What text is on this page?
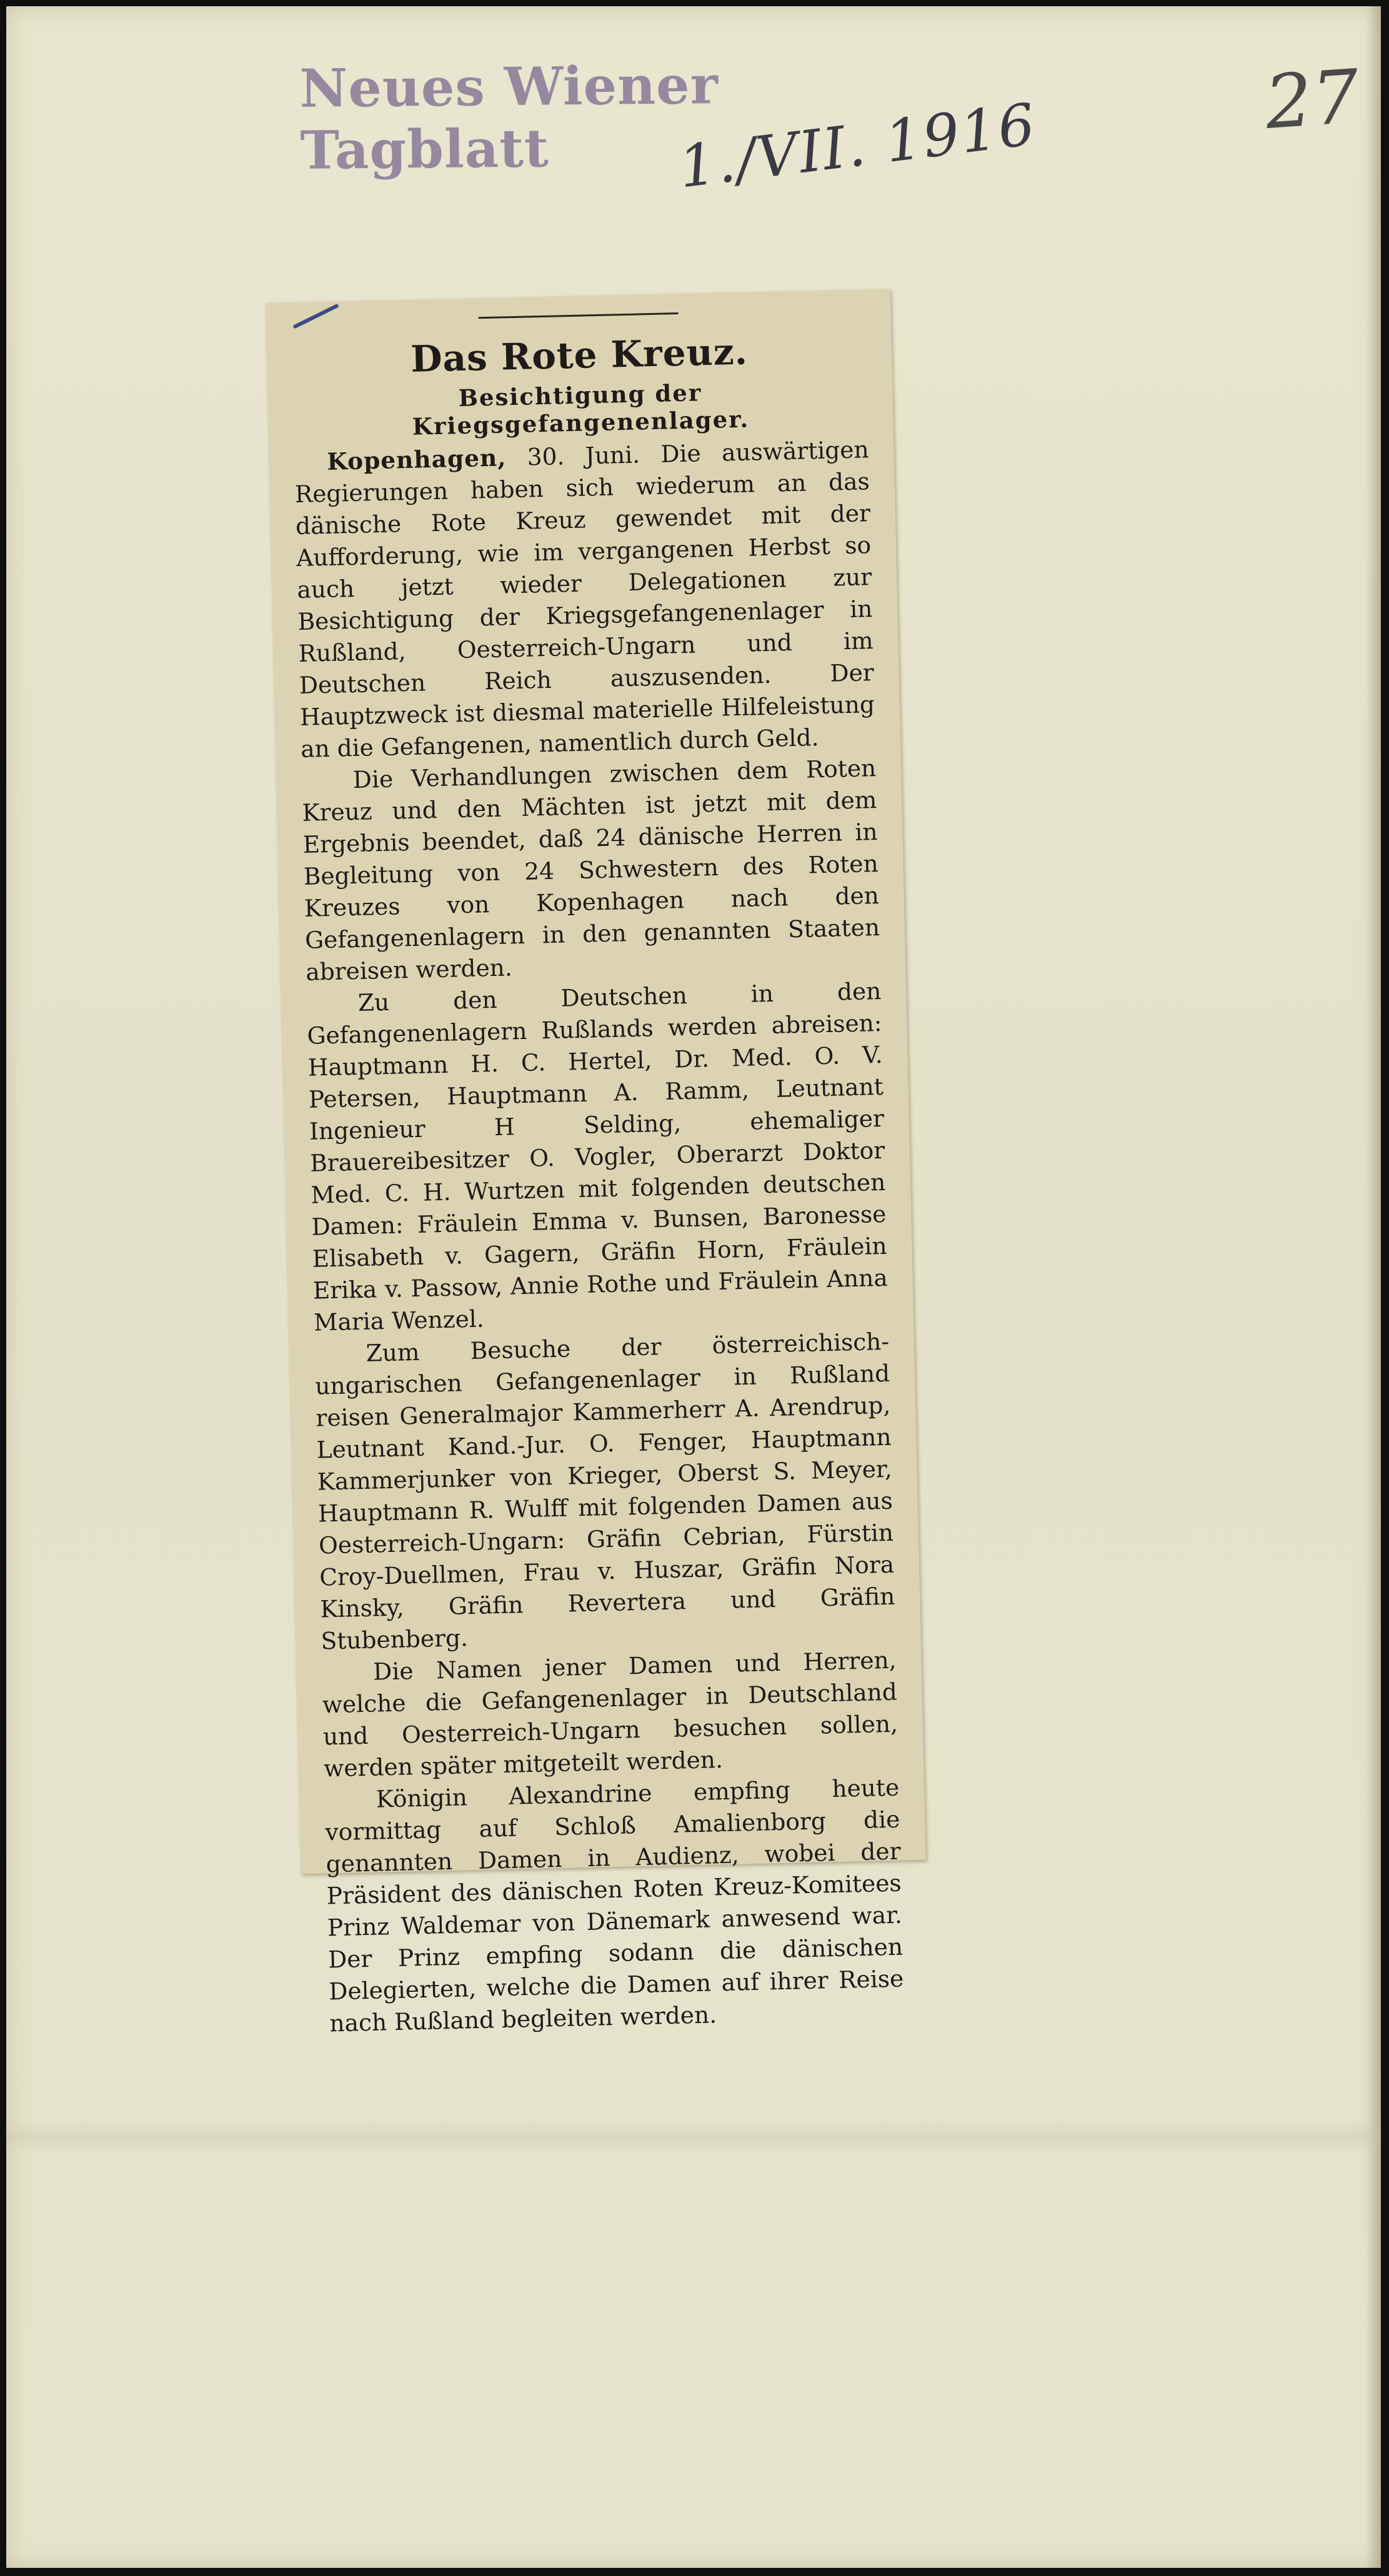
Neues Wiener Tagblatt	1./VII. 1916	27
Das Rote Kreuz.
Besichtigung der Kriegsgefangenenlager.

Kopenhagen, 30. Juni. Die auswärtigen Regierungen haben sich wiederum an das dänische Rote Kreuz gewendet mit der Aufforderung, wie im vergangenen Herbst so auch jetzt wieder Delegationen zur Besichtigung der Kriegsgefangenenlager in Rußland, Oesterreich-Ungarn und im Deutschen Reich auszusenden. Der Hauptzweck ist diesmal materielle Hilfeleistung an die Gefangenen, namentlich durch Geld.

Die Verhandlungen zwischen dem Roten Kreuz und den Mächten ist jetzt mit dem Ergebnis beendet, daß 24 dänische Herren in Begleitung von 24 Schwestern des Roten Kreuzes von Kopenhagen nach den Gefangenenlagern in den genannten Staaten abreisen werden.

Zu den Deutschen in den Gefangenenlagern Rußlands werden abreisen: Hauptmann H. C. Hertel, Dr. Med. O. V. Petersen, Hauptmann A. Ramm, Leutnant Ingenieur H Selding, ehemaliger Brauereibesitzer O. Vogler, Oberarzt Doktor Med. C. H. Wurtzen mit folgenden deutschen Damen: Fräulein Emma v. Bunsen, Baronesse Elisabeth v. Gagern, Gräfin Horn, Fräulein Erika v. Passow, Annie Rothe und Fräulein Anna Maria Wenzel.

Zum Besuche der österreichisch-ungarischen Gefangenenlager in Rußland reisen Generalmajor Kammerherr A. Arendrup, Leutnant Kand.-Jur. O. Fenger, Hauptmann Kammerjunker von Krieger, Oberst S. Meyer, Hauptmann R. Wulff mit folgenden Damen aus Oesterreich-Ungarn: Gräfin Cebrian, Fürstin Croy-Duellmen, Frau v. Huszar, Gräfin Nora Kinsky, Gräfin Revertera und Gräfin Stubenberg.

Die Namen jener Damen und Herren, welche die Gefangenenlager in Deutschland und Oesterreich-Ungarn besuchen sollen, werden später mitgeteilt werden.

Königin Alexandrine empfing heute vormittag auf Schloß Amalienborg die genannten Damen in Audienz, wobei der Präsident des dänischen Roten Kreuz-Komitees Prinz Waldemar von Dänemark anwesend war. Der Prinz empfing sodann die dänischen Delegierten, welche die Damen auf ihrer Reise nach Rußland begleiten werden.
